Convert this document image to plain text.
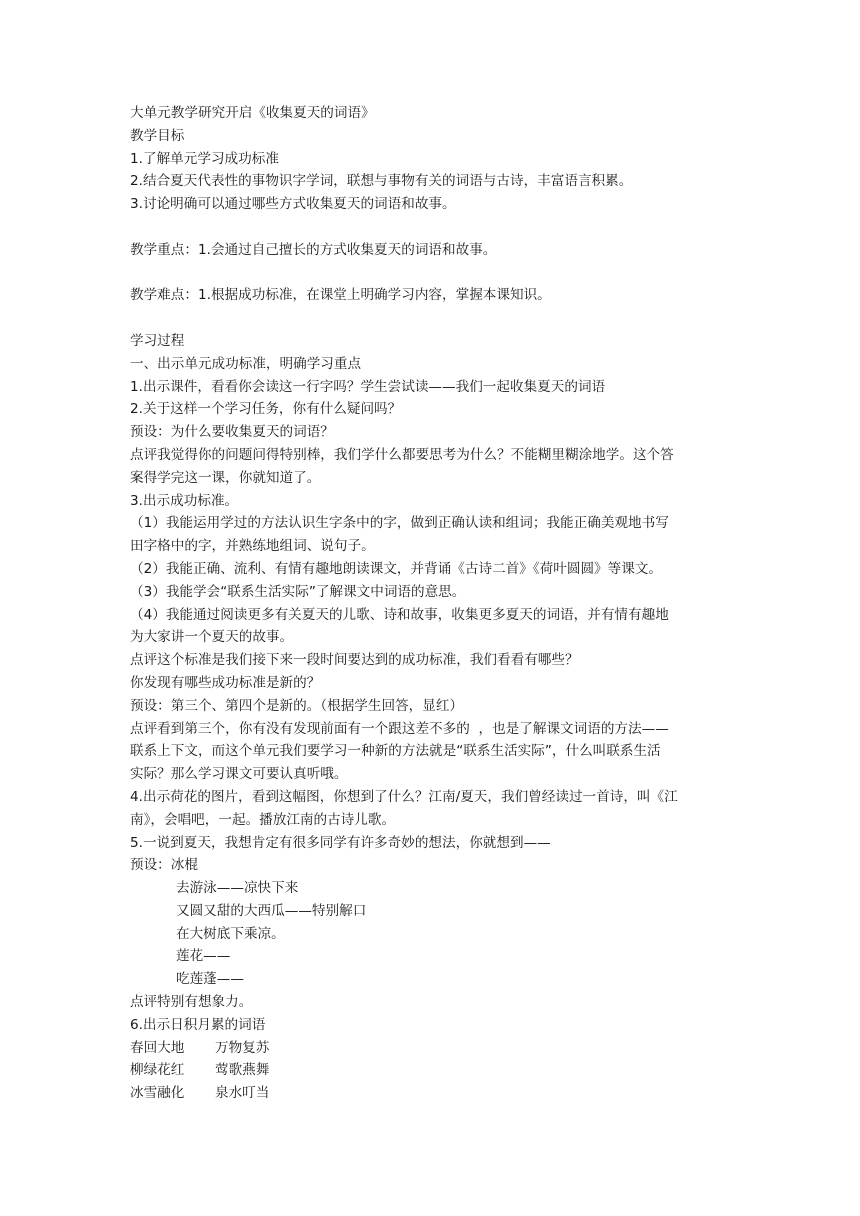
大单元教学研究开启《收集夏天的词语》
教学目标
1.了解单元学习成功标准
2.结合夏天代表性的事物识字学词，联想与事物有关的词语与古诗，丰富语言积累。
3.讨论明确可以通过哪些方式收集夏天的词语和故事。
教学重点：1.会通过自己擅长的方式收集夏天的词语和故事。
教学难点：1.根据成功标准，在课堂上明确学习内容，掌握本课知识。
学习过程
一、出示单元成功标准，明确学习重点
1.出示课件，看看你会读这一行字吗？学生尝试读——我们一起收集夏天的词语
2.关于这样一个学习任务，你有什么疑问吗？
预设：为什么要收集夏天的词语？
点评我觉得你的问题问得特别棒，我们学什么都要思考为什么？不能糊里糊涂地学。这个答
案得学完这一课，你就知道了。
3.出示成功标准。
（1）我能运用学过的方法认识生字条中的字，做到正确认读和组词；我能正确美观地书写
田字格中的字，并熟练地组词、说句子。
（2）我能正确、流利、有情有趣地朗读课文，并背诵《古诗二首》《荷叶圆圆》等课文。
（3）我能学会“联系生活实际”了解课文中词语的意思。
（4）我能通过阅读更多有关夏天的儿歌、诗和故事，收集更多夏天的词语，并有情有趣地
为大家讲一个夏天的故事。
点评这个标准是我们接下来一段时间要达到的成功标准，我们看看有哪些？
你发现有哪些成功标准是新的？
预设：第三个、第四个是新的。（根据学生回答，显红）
点评看到第三个，你有没有发现前面有一个跟这差不多的  ，也是了解课文词语的方法——
联系上下文，而这个单元我们要学习一种新的方法就是“联系生活实际”，什么叫联系生活
实际？那么学习课文可要认真听哦。
4.出示荷花的图片，看到这幅图，你想到了什么？江南/夏天，我们曾经读过一首诗，叫《江
南》，会唱吧，一起。播放江南的古诗儿歌。
5.一说到夏天，我想肯定有很多同学有许多奇妙的想法，你就想到——
预设：冰棍
去游泳——凉快下来
又圆又甜的大西瓜——特别解口
在大树底下乘凉。
莲花——
吃莲蓬——
点评特别有想象力。
6.出示日积月累的词语
春回大地	万物复苏
柳绿花红	莺歌燕舞
冰雪融化	泉水叮当
